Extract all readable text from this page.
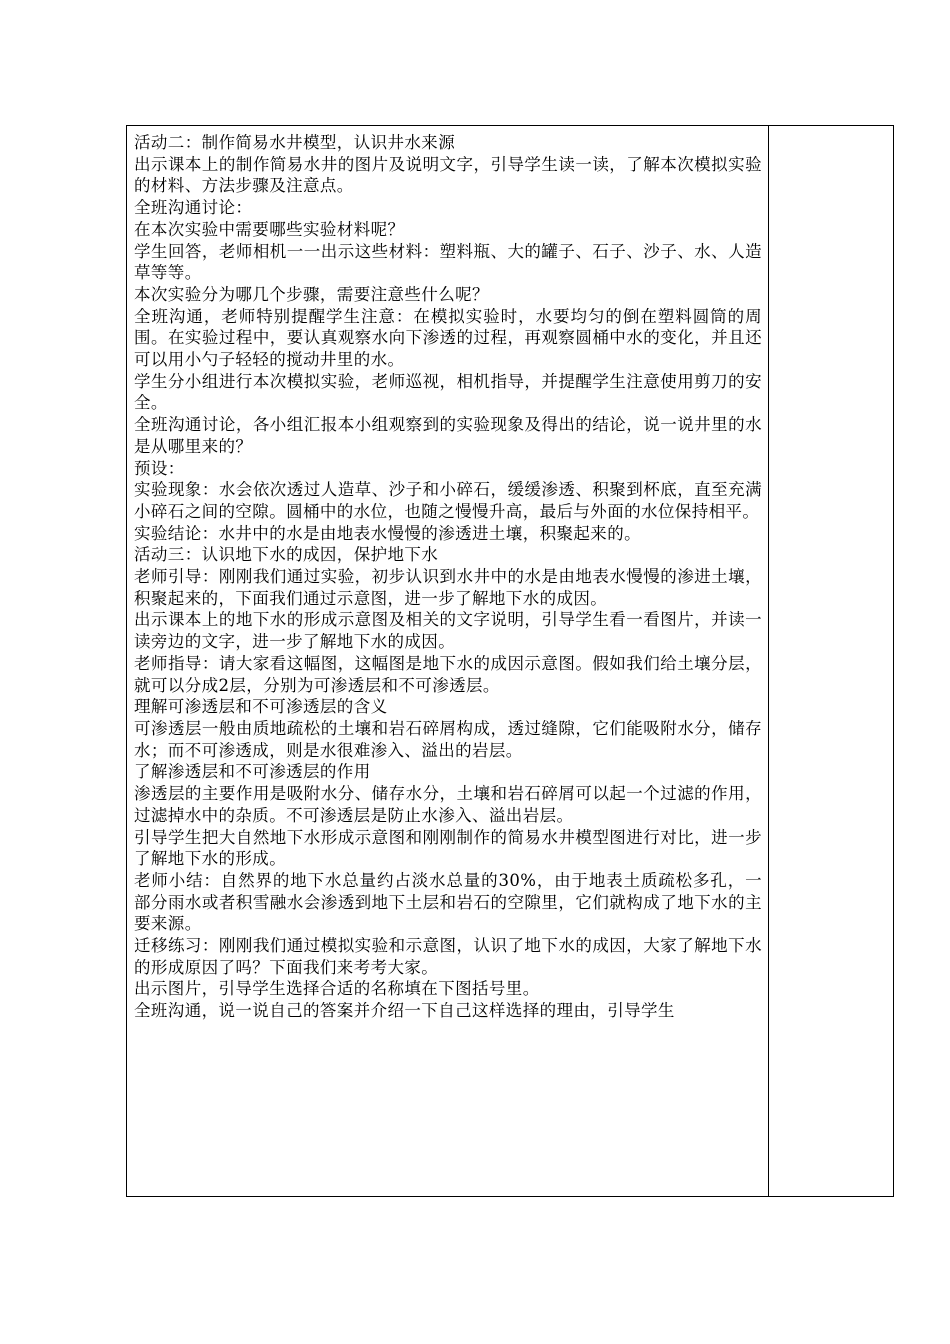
活动二：制作简易水井模型，认识井水来源

出示课本上的制作简易水井的图片及说明文字，引导学生读一读，了解本次模拟实验的材料、方法步骤及注意点。

全班沟通讨论：

在本次实验中需要哪些实验材料呢？

学生回答，老师相机一一出示这些材料：塑料瓶、大的罐子、石子、沙子、水、人造草等等。

本次实验分为哪几个步骤，需要注意些什么呢？

全班沟通，老师特别提醒学生注意：在模拟实验时，水要均匀的倒在塑料圆筒的周围。在实验过程中，要认真观察水向下渗透的过程，再观察圆桶中水的变化，并且还可以用小勺子轻轻的搅动井里的水。

学生分小组进行本次模拟实验，老师巡视，相机指导，并提醒学生注意使用剪刀的安全。

全班沟通讨论，各小组汇报本小组观察到的实验现象及得出的结论，说一说井里的水是从哪里来的？

预设：

实验现象：水会依次透过人造草、沙子和小碎石，缓缓渗透、积聚到杯底，直至充满小碎石之间的空隙。圆桶中的水位，也随之慢慢升高，最后与外面的水位保持相平。

实验结论：水井中的水是由地表水慢慢的渗透进土壤，积聚起来的。

活动三：认识地下水的成因，保护地下水

老师引导：刚刚我们通过实验，初步认识到水井中的水是由地表水慢慢的渗进土壤，积聚起来的，下面我们通过示意图，进一步了解地下水的成因。

出示课本上的地下水的形成示意图及相关的文字说明，引导学生看一看图片，并读一读旁边的文字，进一步了解地下水的成因。

老师指导：请大家看这幅图，这幅图是地下水的成因示意图。假如我们给土壤分层，就可以分成2层，分别为可渗透层和不可渗透层。

理解可渗透层和不可渗透层的含义

可渗透层一般由质地疏松的土壤和岩石碎屑构成，透过缝隙，它们能吸附水分，储存水；而不可渗透成，则是水很难渗入、溢出的岩层。

了解渗透层和不可渗透层的作用

渗透层的主要作用是吸附水分、储存水分，土壤和岩石碎屑可以起一个过滤的作用，过滤掉水中的杂质。不可渗透层是防止水渗入、溢出岩层。

引导学生把大自然地下水形成示意图和刚刚制作的简易水井模型图进行对比，进一步了解地下水的形成。

老师小结：自然界的地下水总量约占淡水总量的30%，由于地表土质疏松多孔，一部分雨水或者积雪融水会渗透到地下土层和岩石的空隙里，它们就构成了地下水的主要来源。

迁移练习：刚刚我们通过模拟实验和示意图，认识了地下水的成因，大家了解地下水的形成原因了吗？下面我们来考考大家。

出示图片，引导学生选择合适的名称填在下图括号里。

全班沟通，说一说自己的答案并介绍一下自己这样选择的理由，引导学生
